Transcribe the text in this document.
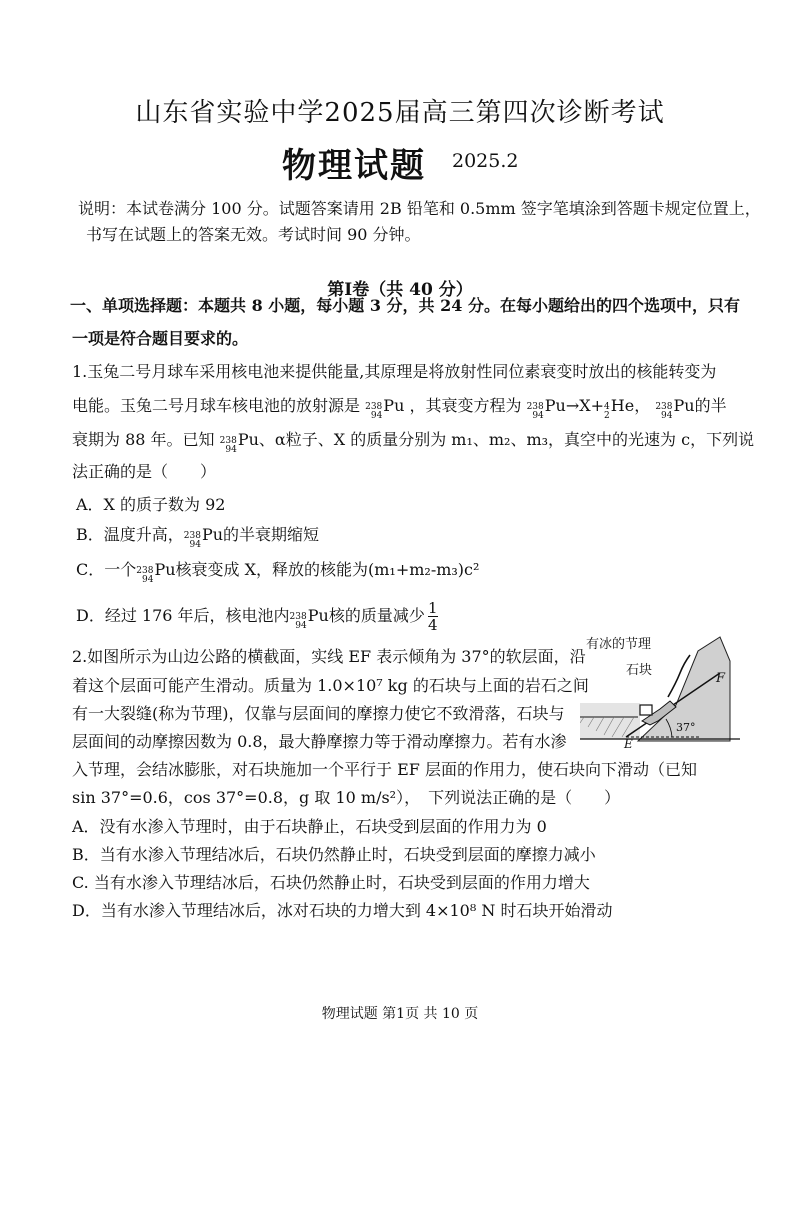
山东省实验中学2025届高三第四次诊断考试
物理试题 2025.2
说明：本试卷满分 100 分。试题答案请用 2B 铅笔和 0.5mm 签字笔填涂到答题卡规定位置上，
书写在试题上的答案无效。考试时间 90 分钟。
第Ⅰ卷（共 40 分）
一、单项选择题：本题共 8 小题，每小题 3 分，共 24 分。在每小题给出的四个选项中，只有
一项是符合题目要求的。
1.玉兔二号月球车采用核电池来提供能量,其原理是将放射性同位素衰变时放出的核能转变为
电能。玉兔二号月球车核电池的放射源是 238
94
Pu ，其衰变方程为 238
94
Pu→X+ 4
2
He， 238
94
Pu的半
衰期为 88 年。已知 238
94
Pu、α粒子、X 的质量分别为 m₁、m₂、m₃，真空中的光速为 c，下列说
法正确的是（　　）
A．X 的质子数为 92
B．温度升高， 238
94
Pu的半衰期缩短
C．一个 238
94
Pu核衰变成 X，释放的核能为(m₁+m₂-m₃)c²
D．经过 176 年后，核电池内 238
94
Pu核的质量减少 $\frac{1}{4}$
2.如图所示为山边公路的横截面，实线 EF 表示倾角为 37°的软层面，沿
着这个层面可能产生滑动。质量为 1.0×10⁷ kg 的石块与上面的岩石之间
有一大裂缝(称为节理)，仅靠与层面间的摩擦力使它不致滑落，石块与
层面间的动摩擦因数为 0.8，最大静摩擦力等于滑动摩擦力。若有水渗
入节理，会结冰膨胀，对石块施加一个平行于 EF 层面的作用力，使石块向下滑动（已知
sin 37°=0.6，cos 37°=0.8，g 取 10 m/s²），　下列说法正确的是（　　）
A．没有水渗入节理时，由于石块静止，石块受到层面的作用力为 0
B．当有水渗入节理结冰后，石块仍然静止时，石块受到层面的摩擦力减小
C. 当有水渗入节理结冰后，石块仍然静止时，石块受到层面的作用力增大
D．当有水渗入节理结冰后，冰对石块的力增大到 4×10⁸ N 时石块开始滑动
有冰的节理
石块
F
E
37°
物理试题 第1页 共 10 页
